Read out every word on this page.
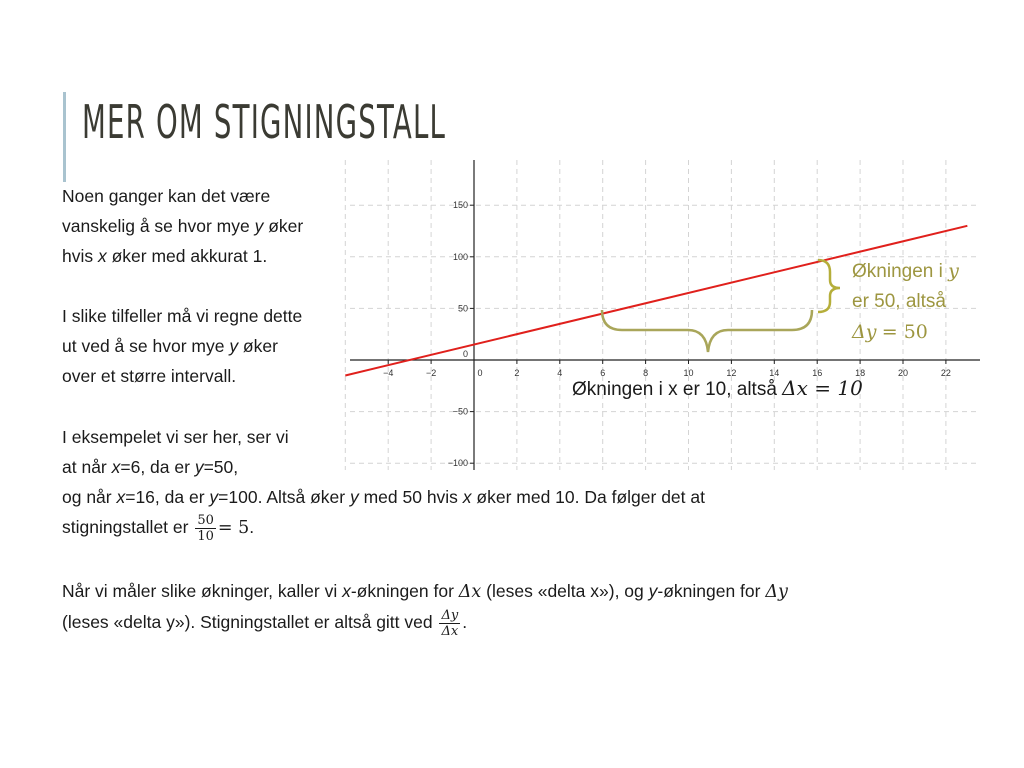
MER OM STIGNINGSTALL
Noen ganger kan det være
vanskelig å se hvor mye y øker
hvis x øker med akkurat 1.
I slike tilfeller må vi regne dette
ut ved å se hvor mye y øker
over et større intervall.
I eksempelet vi ser her, ser vi
at når x=6, da er y=50,
og når x=16, da er y=100. Altså øker y med 50 hvis x øker med 10. Da følger det at
stigningstallet er $\frac{50}{10} = 5$.
Når vi måler slike økninger, kaller vi x-økningen for Δx (leses «delta x»), og y-økningen for Δy
(leses «delta y»). Stigningstallet er altså gitt ved $\frac{\Delta y}{\Delta x}$ .
−4	−2	0	2	4	6	8	10	12	14	16	18	20	22
−100
−50
0
50
100
150
Økningen i y
er 50, altså
Δy = 50
Økningen i x er 10, altså Δx = 10
